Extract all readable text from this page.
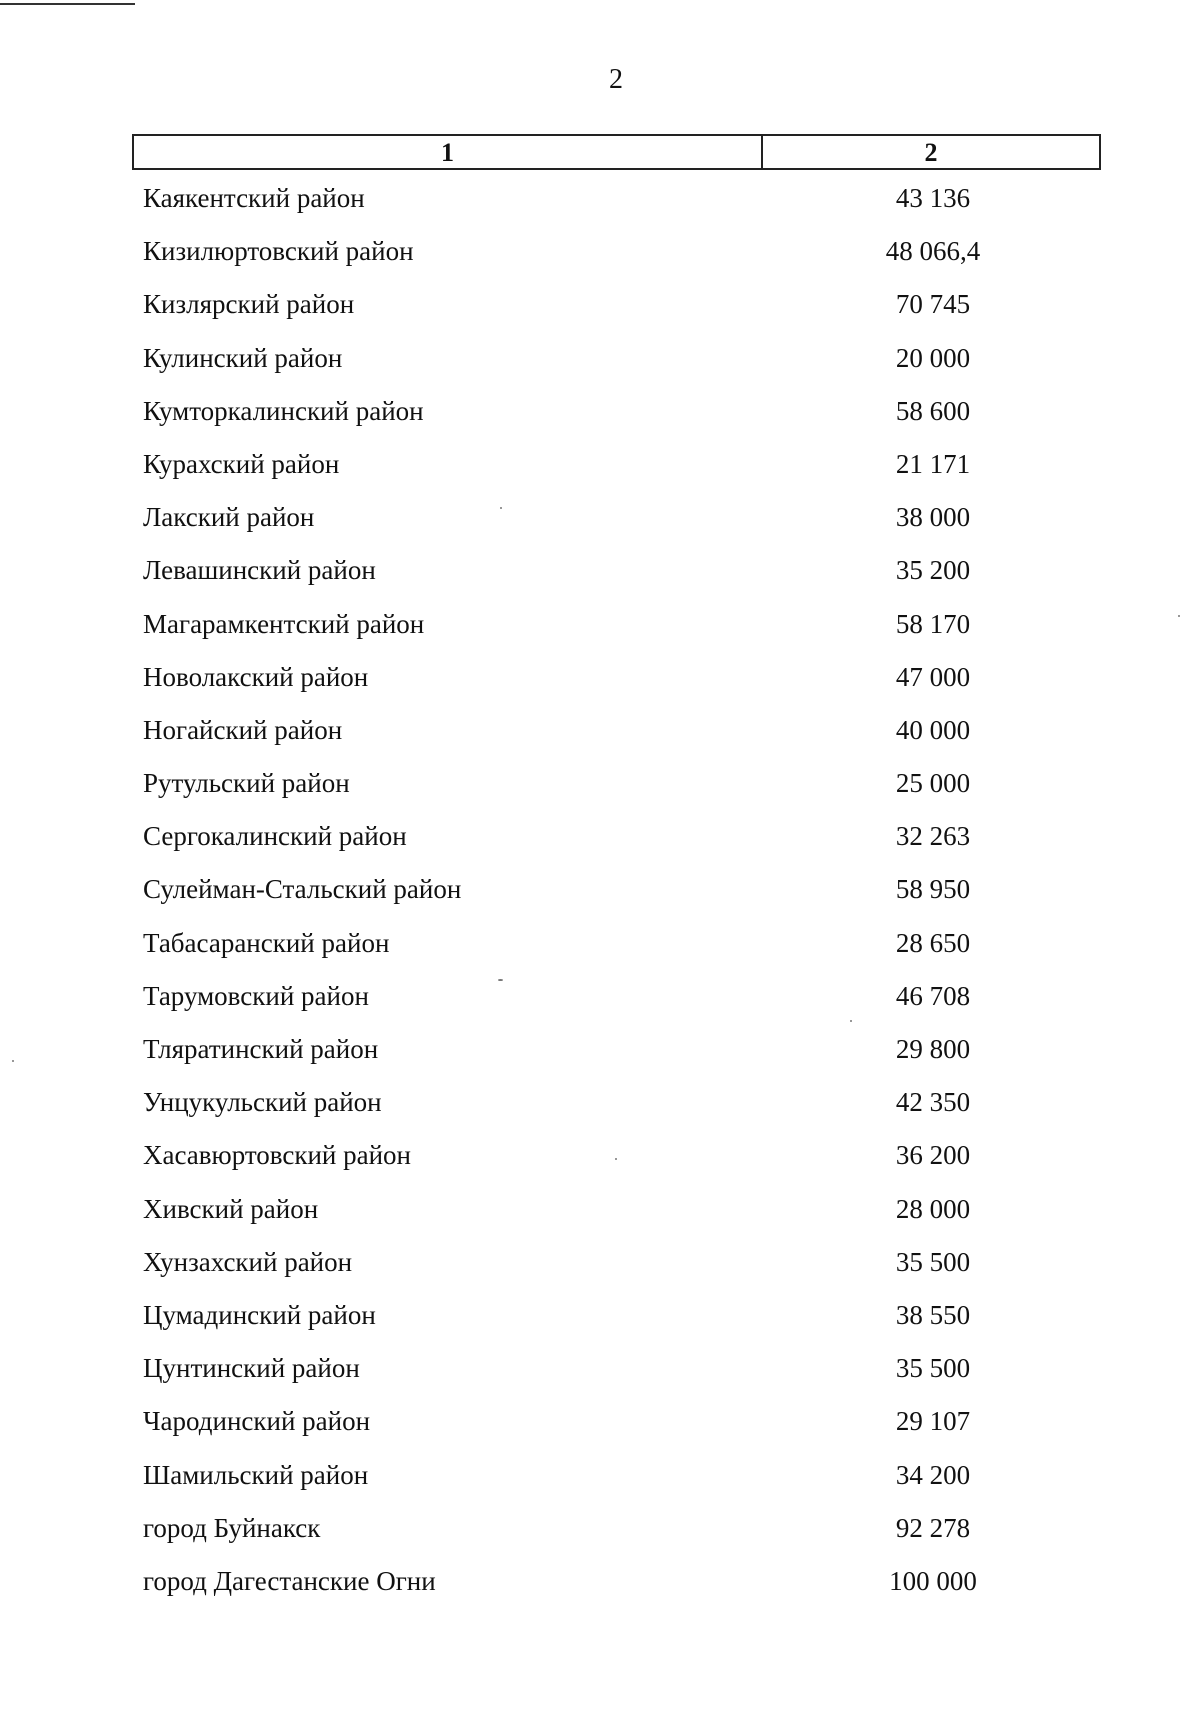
2
1	2
Каякентский район	43 136
Кизилюртовский район	48 066,4
Кизлярский район	70 745
Кулинский район	20 000
Кумторкалинский район	58 600
Курахский район	21 171
Лакский район	38 000
Левашинский район	35 200
Магарамкентский район	58 170
Новолакский район	47 000
Ногайский район	40 000
Рутульский район	25 000
Сергокалинский район	32 263
Сулейман-Стальский район	58 950
Табасаранский район	28 650
Тарумовский район	46 708
Тляратинский район	29 800
Унцукульский район	42 350
Хасавюртовский район	36 200
Хивский район	28 000
Хунзахский район	35 500
Цумадинский район	38 550
Цунтинский район	35 500
Чародинский район	29 107
Шамильский район	34 200
город Буйнакск	92 278
город Дагестанские Огни	100 000
